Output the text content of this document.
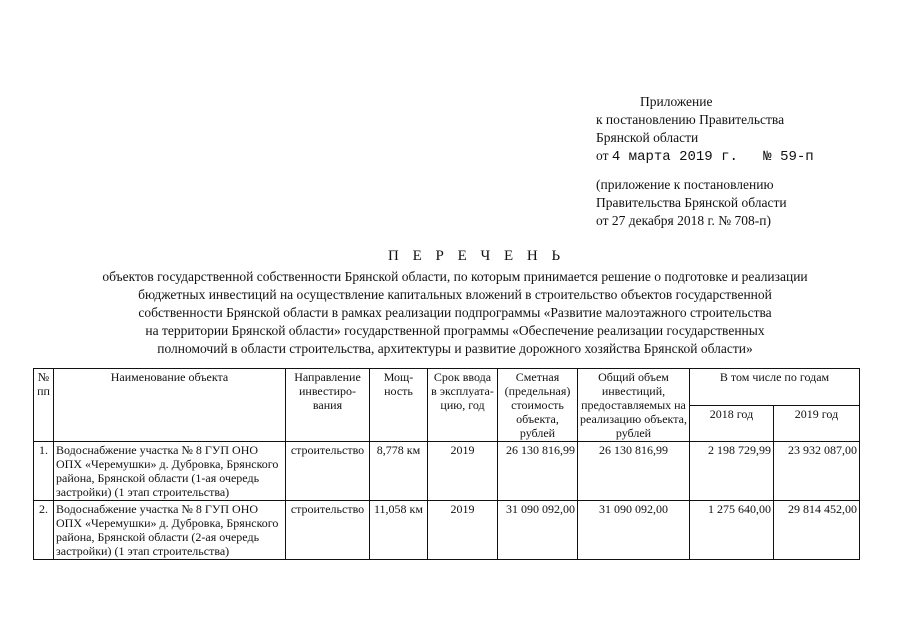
Приложение
к постановлению Правительства
Брянской области
от 4 марта 2019 г. № 59-п
(приложение к постановлению
Правительства Брянской области
от 27 декабря 2018 г. № 708-п)
П Е Р Е Ч Е Н Ь
объектов государственной собственности Брянской области, по которым принимается решение о подготовке и реализации
бюджетных инвестиций на осуществление капитальных вложений в строительство объектов государственной
собственности Брянской области в рамках реализации подпрограммы «Развитие малоэтажного строительства
на территории Брянской области» государственной программы «Обеспечение реализации государственных
полномочий в области строительства, архитектуры и развитие дорожного хозяйства Брянской области»
№ пп	Наименование объекта	Направление инвестиро-вания	Мощ-ность	Срок ввода в эксплуата-цию, год	Сметная (предельная) стоимость объекта, рублей	Общий объем инвестиций, предоставляемых на реализацию объекта, рублей	В том числе по годам	
							2018 год	2019 год
1.	Водоснабжение участка № 8 ГУП ОНО ОПХ «Черемушки» д. Дубровка, Брянского района, Брянской области (1-ая очередь застройки) (1 этап строительства)	строительство	8,778 км	2019	26 130 816,99	26 130 816,99	2 198 729,99	23 932 087,00
2.	Водоснабжение участка № 8 ГУП ОНО ОПХ «Черемушки» д. Дубровка, Брянского района, Брянской области (2-ая очередь застройки) (1 этап строительства)	строительство	11,058 км	2019	31 090 092,00	31 090 092,00	1 275 640,00	29 814 452,00
